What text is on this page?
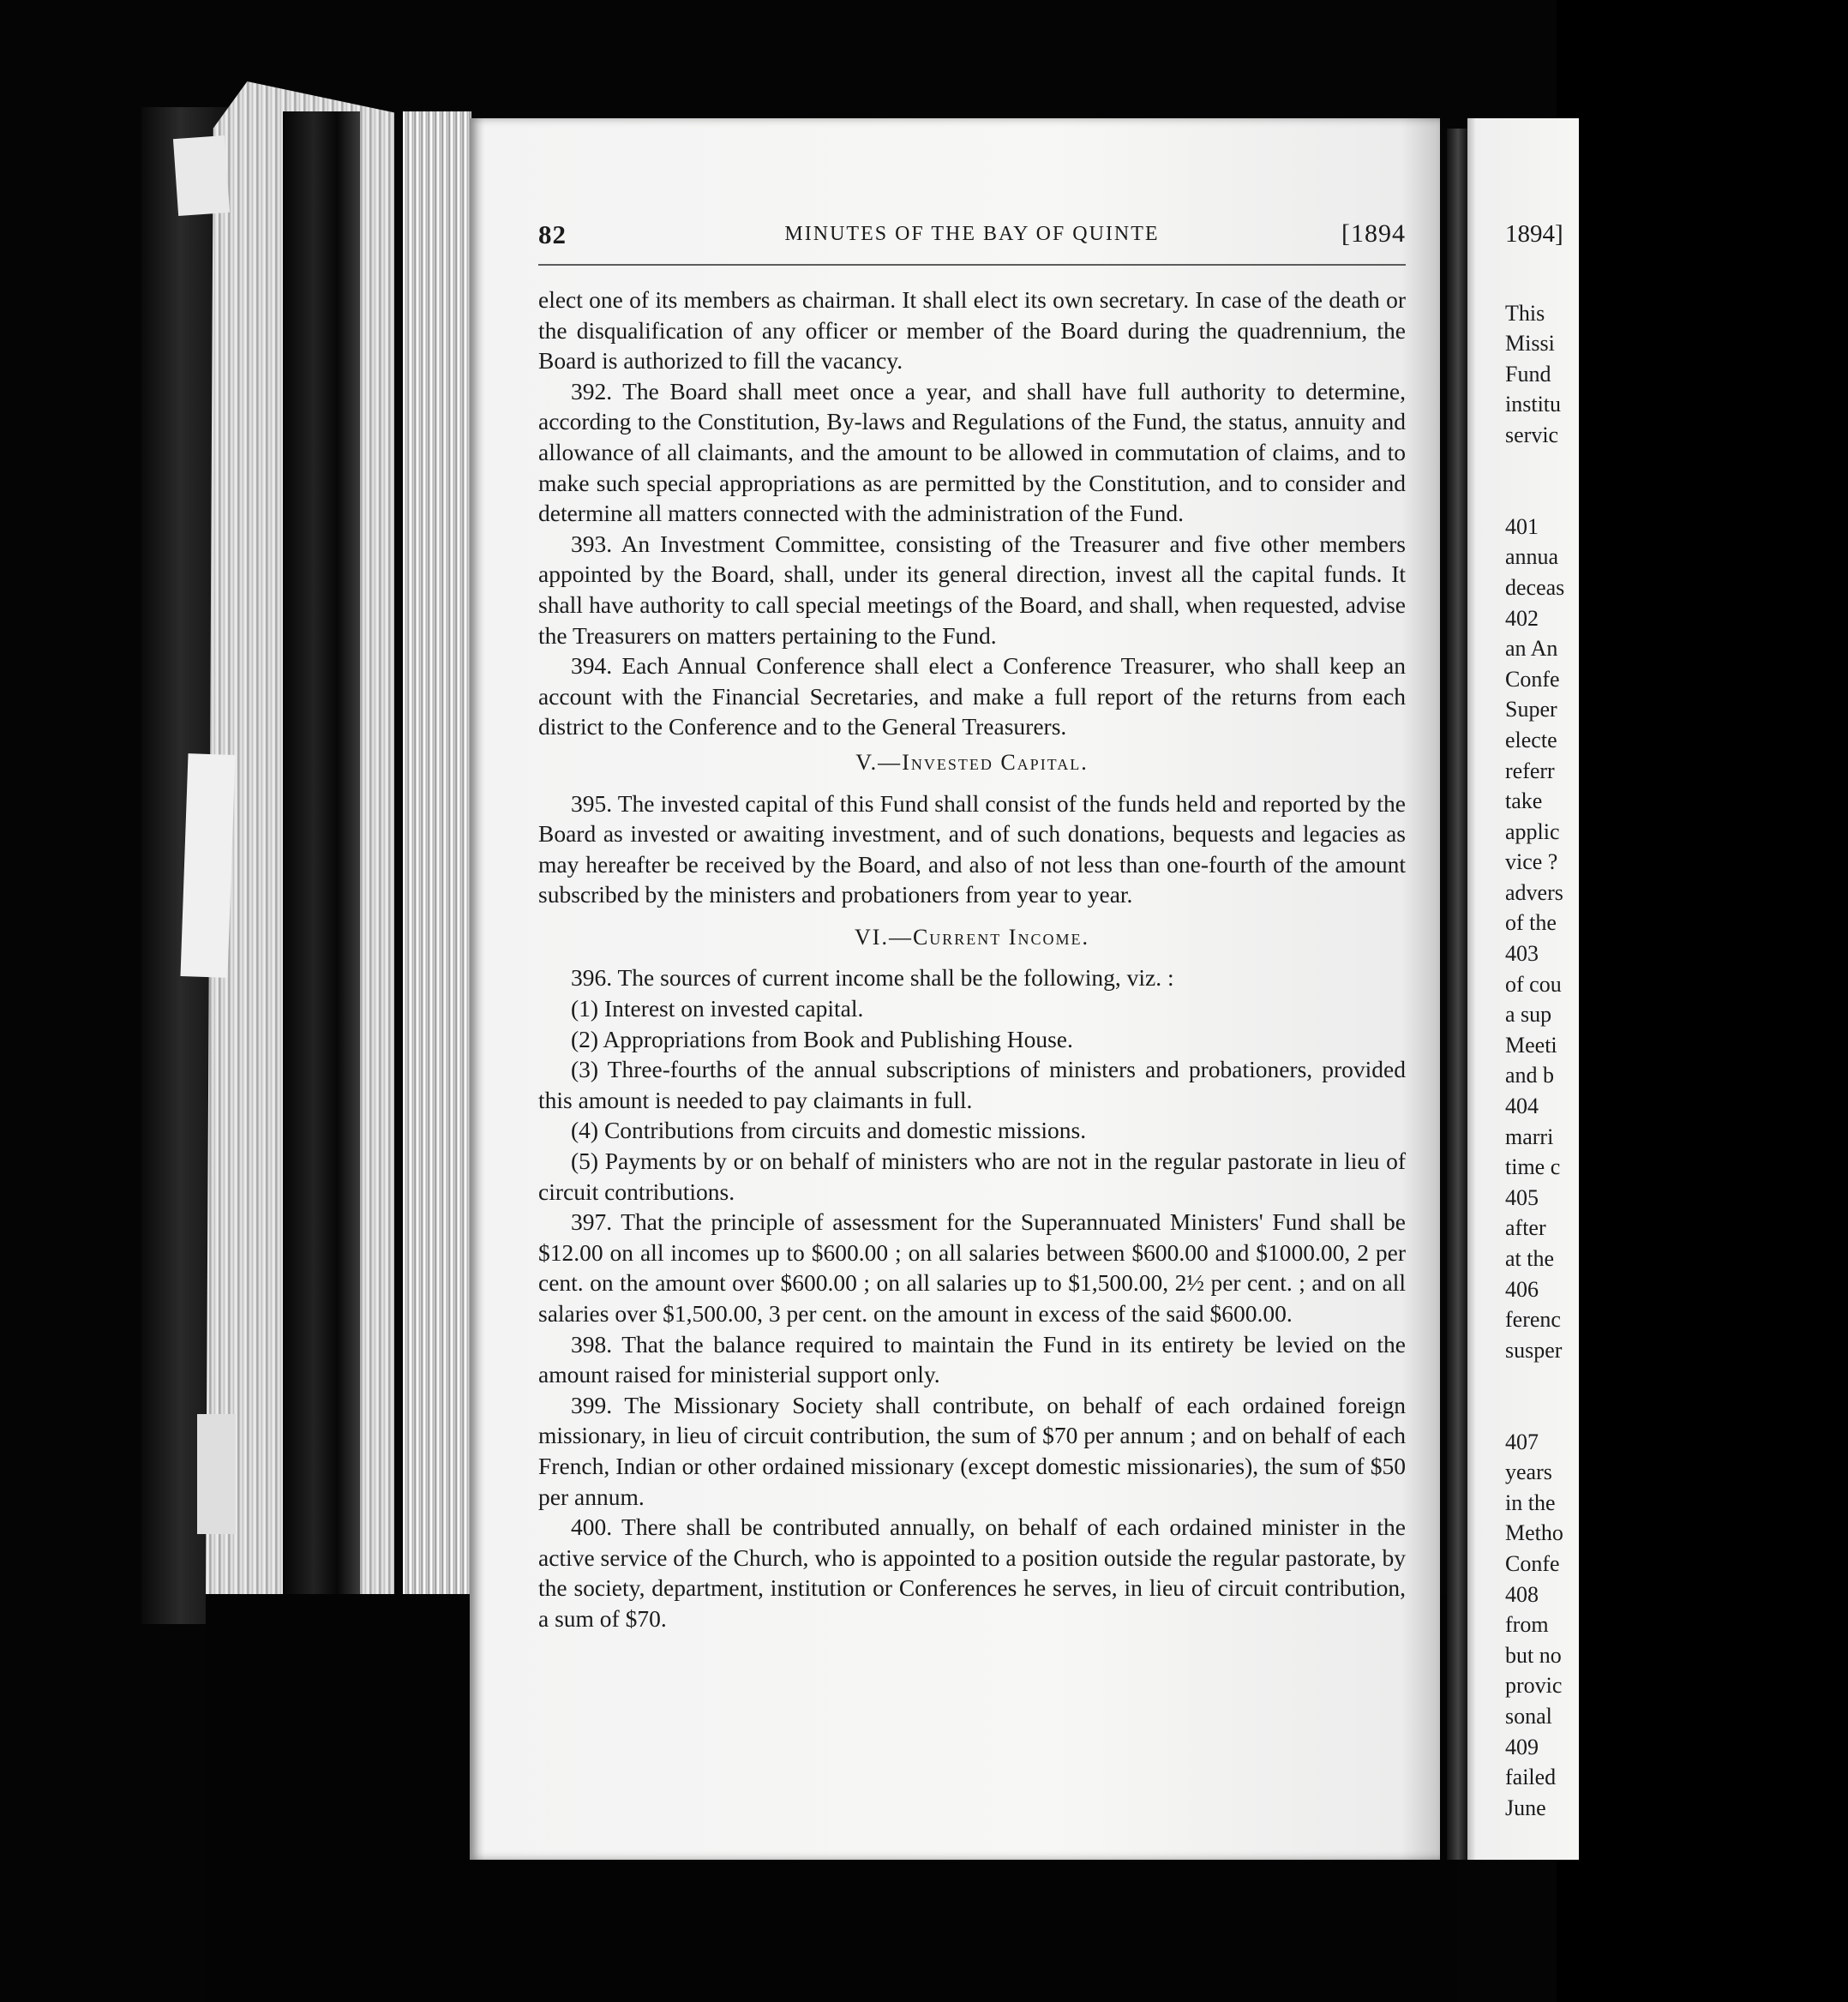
82	MINUTES OF THE BAY OF QUINTE	[1894

elect one of its members as chairman. It shall elect its own secretary. In case of the death or the disqualification of any officer or member of the Board during the quadrennium, the Board is authorized to fill the vacancy.

392. The Board shall meet once a year, and shall have full authority to determine, according to the Constitution, By-laws and Regulations of the Fund, the status, annuity and allowance of all claimants, and the amount to be allowed in commutation of claims, and to make such special appropriations as are permitted by the Constitution, and to consider and determine all matters connected with the administration of the Fund.

393. An Investment Committee, consisting of the Treasurer and five other members appointed by the Board, shall, under its general direction, invest all the capital funds. It shall have authority to call special meetings of the Board, and shall, when requested, advise the Treasurers on matters pertaining to the Fund.

394. Each Annual Conference shall elect a Conference Treasurer, who shall keep an account with the Financial Secretaries, and make a full report of the returns from each district to the Conference and to the General Treasurers.

V.—Invested Capital.

395. The invested capital of this Fund shall consist of the funds held and reported by the Board as invested or awaiting investment, and of such donations, bequests and legacies as may hereafter be received by the Board, and also of not less than one-fourth of the amount subscribed by the ministers and probationers from year to year.

VI.—Current Income.

396. The sources of current income shall be the following, viz. :

(1) Interest on invested capital.

(2) Appropriations from Book and Publishing House.

(3) Three-fourths of the annual subscriptions of ministers and probationers, provided this amount is needed to pay claimants in full.

(4) Contributions from circuits and domestic missions.

(5) Payments by or on behalf of ministers who are not in the regular pastorate in lieu of circuit contributions.

397. That the principle of assessment for the Superannuated Ministers' Fund shall be $12.00 on all incomes up to $600.00 ; on all salaries between $600.00 and $1000.00, 2 per cent. on the amount over $600.00 ; on all salaries up to $1,500.00, 2½ per cent. ; and on all salaries over $1,500.00, 3 per cent. on the amount in excess of the said $600.00.

398. That the balance required to maintain the Fund in its entirety be levied on the amount raised for ministerial support only.

399. The Missionary Society shall contribute, on behalf of each ordained foreign missionary, in lieu of circuit contribution, the sum of $70 per annum ; and on behalf of each French, Indian or other ordained missionary (except domestic missionaries), the sum of $50 per annum.

400. There shall be contributed annually, on behalf of each ordained minister in the active service of the Church, who is appointed to a position outside the regular pastorate, by the society, department, institution or Conferences he serves, in lieu of circuit contribution, a sum of $70.

1894]
This
Missi
Fund
institu
servic
401
annua
deceas
402
an An
Confe
Super
electe
referr
take
applic
vice ?
advers
of the
403
of cou
a sup
Meeti
and b
404
marri
time c
405
after
at the
406
ferenc
susper
407
years
in the
Metho
Confe
408
from
but no
provic
sonal
409
failed
June
